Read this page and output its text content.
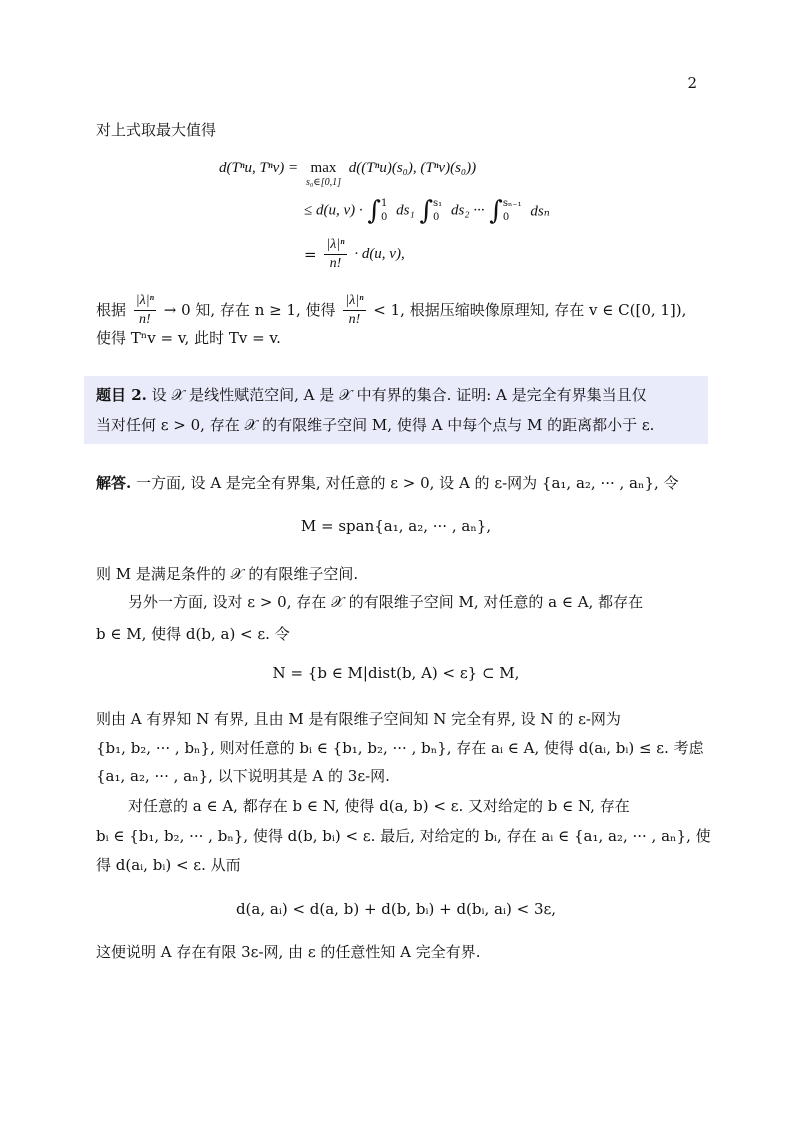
2
对上式取最大值得
d(Tⁿu, Tⁿv) = max
s₀∈[0,1]
d((Tⁿu)(s₀), (Tⁿv)(s₀))
≤ d(u, v) · ∫ 1
0 ds₁ ∫ s₁
0 ds₂ ··· ∫ sₙ₋₁
0	dsₙ
= $\frac{\text{|λ|ⁿ}}{n!} \cdot d(u$, v),
根据 $\frac{\text{|λ|ⁿ}}{n!} \to 0$ 知, 存在 n ≥ 1, 使得 $\frac{\text{|λ|ⁿ}}{n!} < 1$, 根据压缩映像原理知, 存在 v ∈ C([0, 1]),
使得 Tⁿv = v, 此时 Tv = v.
题目 2. 设 𝒳 是线性赋范空间, A 是 𝒳 中有界的集合. 证明: A 是完全有界集当且仅
当对任何 ε > 0, 存在 𝒳 的有限维子空间 M, 使得 A 中每个点与 M 的距离都小于 ε.
解答. 一方面, 设 A 是完全有界集, 对任意的 ε > 0, 设 A 的 ε-网为 {a₁, a₂, ··· , aₙ}, 令
M = span{a₁, a₂, ··· , aₙ},
则 M 是满足条件的 𝒳 的有限维子空间.
另外一方面, 设对 ε > 0, 存在 𝒳 的有限维子空间 M, 对任意的 a ∈ A, 都存在
b ∈ M, 使得 d(b, a) < ε. 令
N = {b ∈ M|dist(b, A) < ε} ⊂ M,
则由 A 有界知 N 有界, 且由 M 是有限维子空间知 N 完全有界, 设 N 的 ε-网为
{b₁, b₂, ··· , bₙ}, 则对任意的 bᵢ ∈ {b₁, b₂, ··· , bₙ}, 存在 aᵢ ∈ A, 使得 d(aᵢ, bᵢ) ≤ ε. 考虑
{a₁, a₂, ··· , aₙ}, 以下说明其是 A 的 3ε-网.
对任意的 a ∈ A, 都存在 b ∈ N, 使得 d(a, b) < ε. 又对给定的 b ∈ N, 存在
bᵢ ∈ {b₁, b₂, ··· , bₙ}, 使得 d(b, bᵢ) < ε. 最后, 对给定的 bᵢ, 存在 aᵢ ∈ {a₁, a₂, ··· , aₙ}, 使
得 d(aᵢ, bᵢ) < ε. 从而
d(a, aᵢ) < d(a, b) + d(b, bᵢ) + d(bᵢ, aᵢ) < 3ε,
这便说明 A 存在有限 3ε-网, 由 ε 的任意性知 A 完全有界.
